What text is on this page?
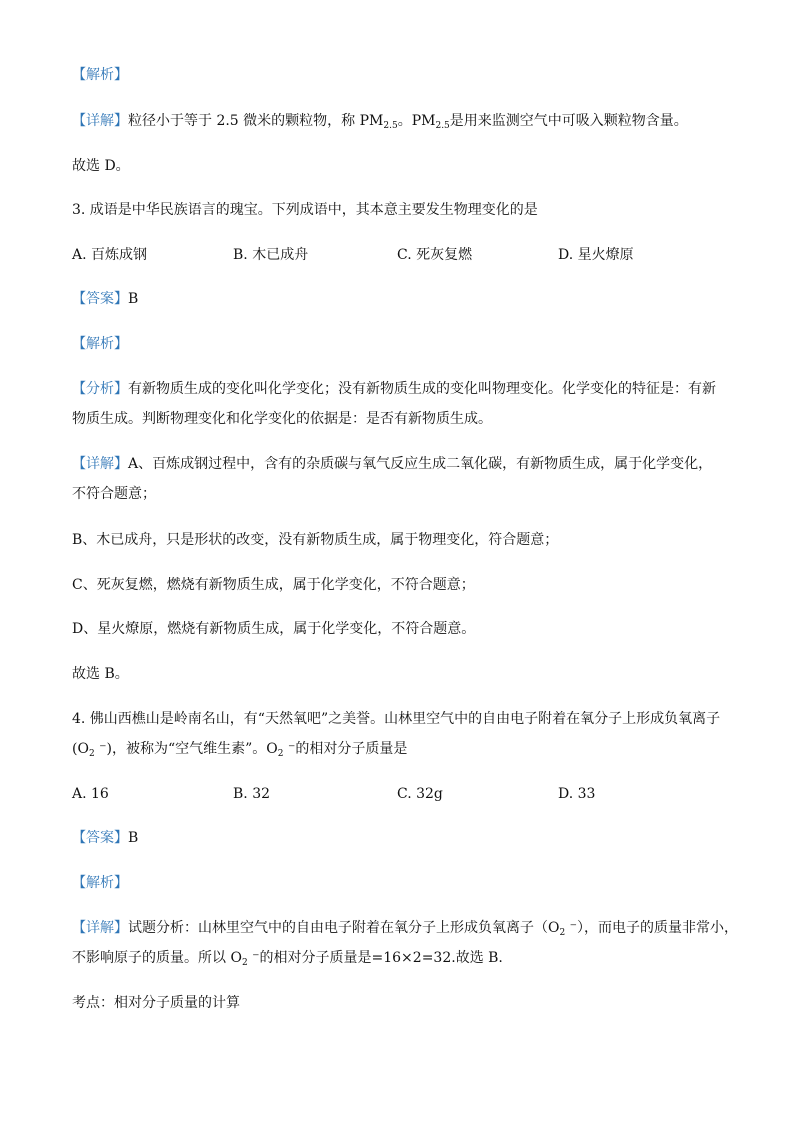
【解析】
【详解】粒径小于等于 2.5 微米的颗粒物，称 $PM_{2.5}$。$PM_{2.5}$是用来监测空气中可吸入颗粒物含量。
故选 D。
3. 成语是中华民族语言的瑰宝。下列成语中，其本意主要发生物理变化的是
A. 百炼成钢	B. 木已成舟	C. 死灰复燃	D. 星火燎原
【答案】B
【解析】
【分析】有新物质生成的变化叫化学变化；没有新物质生成的变化叫物理变化。化学变化的特征是：有新
物质生成。判断物理变化和化学变化的依据是：是否有新物质生成。
【详解】A、百炼成钢过程中，含有的杂质碳与氧气反应生成二氧化碳，有新物质生成，属于化学变化，
不符合题意；
B、木已成舟，只是形状的改变，没有新物质生成，属于物理变化，符合题意；
C、死灰复燃，燃烧有新物质生成，属于化学变化，不符合题意；
D、星火燎原，燃烧有新物质生成，属于化学变化，不符合题意。
故选 B。
4. 佛山西樵山是岭南名山，有“天然氧吧”之美誉。山林里空气中的自由电子附着在氧分子上形成负氧离子
($O_2$ ⁻)，被称为“空气维生素”。$O_2$ ⁻的相对分子质量是
A. 16	B. 32	C. 32g	D. 33
【答案】B
【解析】
【详解】试题分析：山林里空气中的自由电子附着在氧分子上形成负氧离子（$O_2$ ⁻），而电子的质量非常小，
不影响原子的质量。所以 $O_2$ ⁻的相对分子质量是=16×2=32.故选 B.
考点：相对分子质量的计算
